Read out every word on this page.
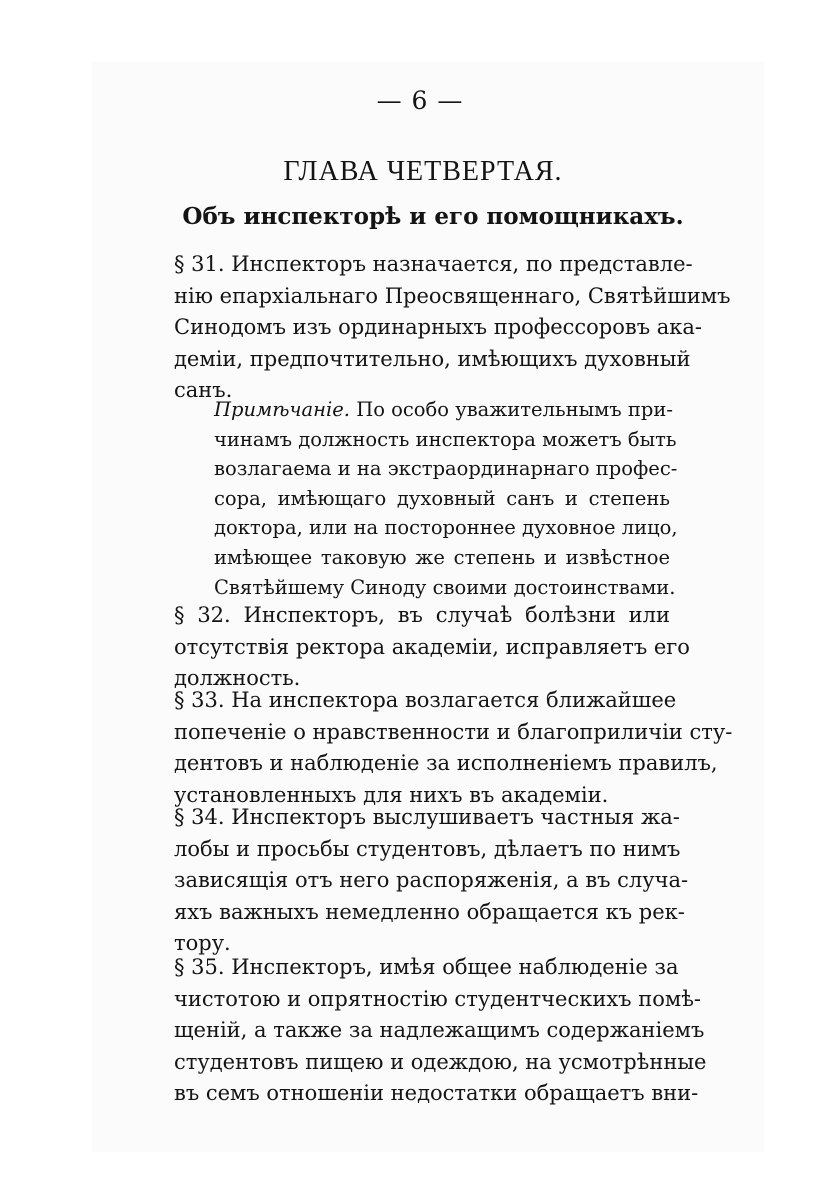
— 6 —
ГЛАВА ЧЕТВЕРТАЯ.
Объ инспекторѣ и его помощникахъ.
§ 31. Инспекторъ назначается, по представле-
нію епархіальнаго Преосвященнаго, Святѣйшимъ
Синодомъ изъ ординарныхъ профессоровъ ака-
деміи, предпочтительно, имѣющихъ духовный
санъ.
Примѣчаніе. По особо уважительнымъ при-
чинамъ должность инспектора можетъ быть
возлагаема и на экстраординарнаго профес-
сора, имѣющаго духовный санъ и степень
доктора, или на постороннее духовное лицо,
имѣющее таковую же степень и извѣстное
Святѣйшему Синоду своими достоинствами.
§ 32. Инспекторъ, въ случаѣ болѣзни или
отсутствія ректора академіи, исправляетъ его
должность.
§ 33. На инспектора возлагается ближайшее
попеченіе о нравственности и благоприличіи сту-
дентовъ и наблюденіе за исполненіемъ правилъ,
установленныхъ для нихъ въ академіи.
§ 34. Инспекторъ выслушиваетъ частныя жа-
лобы и просьбы студентовъ, дѣлаетъ по нимъ
зависящія отъ него распоряженія, а въ случа-
яхъ важныхъ немедленно обращается къ рек-
тору.
§ 35. Инспекторъ, имѣя общее наблюденіе за
чистотою и опрятностію студентческихъ помѣ-
щеній, а также за надлежащимъ содержаніемъ
студентовъ пищею и одеждою, на усмотрѣнные
въ семъ отношеніи недостатки обращаетъ вни-
